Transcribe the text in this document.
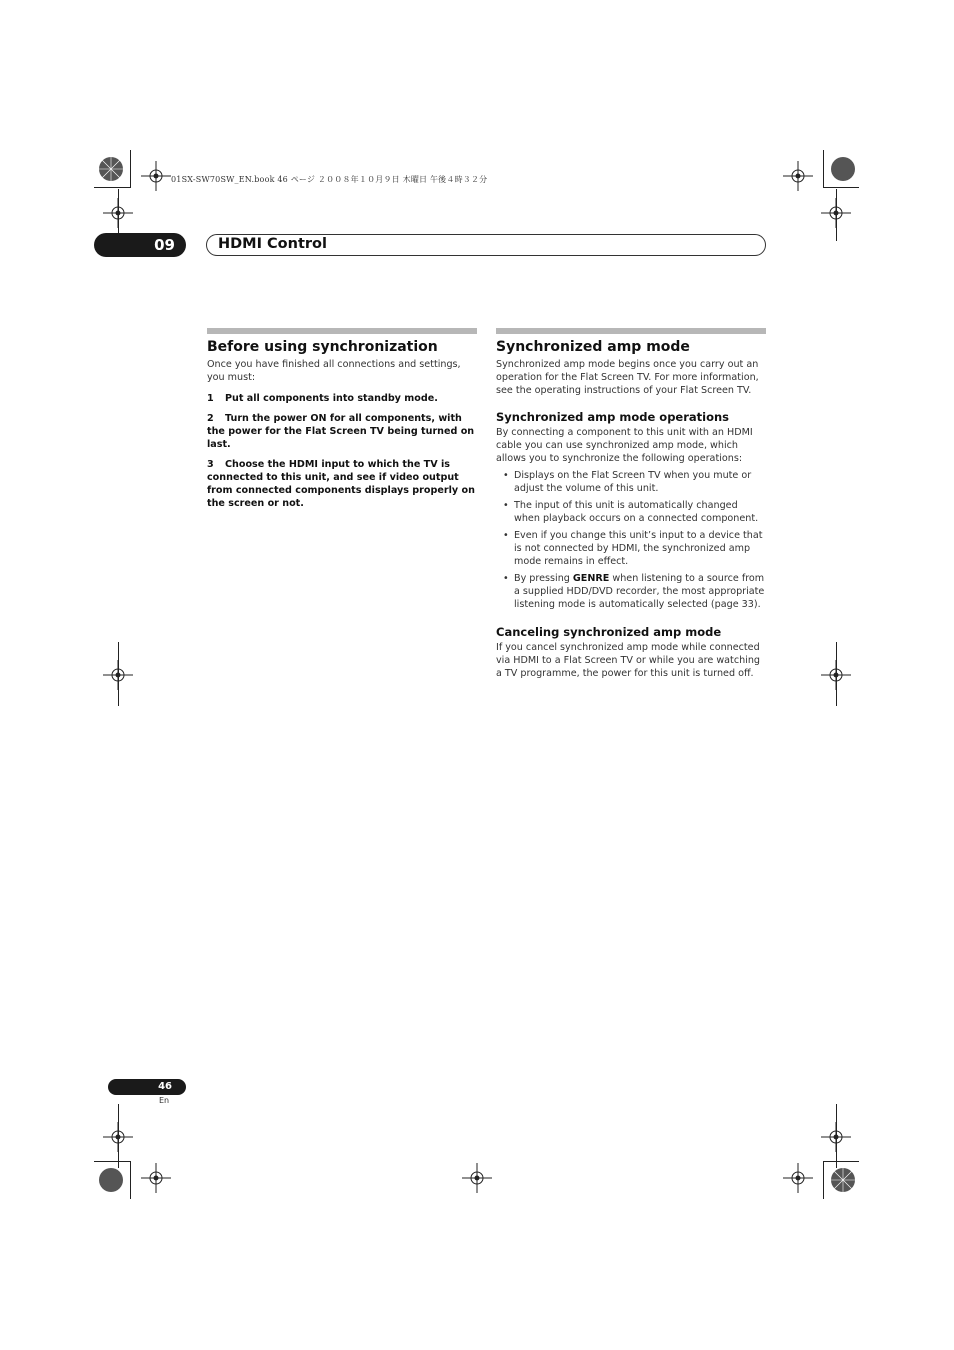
01SX-SW70SW_EN.book 46 ページ ２００８年１０月９日 木曜日 午後４時３２分
09	HDMI Control
Before using synchronization

Once you have finished all connections and settings, you must:

1 Put all components into standby mode.

2 Turn the power ON for all components, with the power for the Flat Screen TV being turned on last.

3 Choose the HDMI input to which the TV is connected to this unit, and see if video output from connected components displays properly on the screen or not.

Synchronized amp mode

Synchronized amp mode begins once you carry out an operation for the Flat Screen TV. For more information, see the operating instructions of your Flat Screen TV.

Synchronized amp mode operations

By connecting a component to this unit with an HDMI cable you can use synchronized amp mode, which allows you to synchronize the following operations:

• Displays on the Flat Screen TV when you mute or adjust the volume of this unit.
• The input of this unit is automatically changed when playback occurs on a connected component.
• Even if you change this unit’s input to a device that is not connected by HDMI, the synchronized amp mode remains in effect.
• By pressing GENRE when listening to a source from a supplied HDD/DVD recorder, the most appropriate listening mode is automatically selected (page 33).
Canceling synchronized amp mode

If you cancel synchronized amp mode while connected via HDMI to a Flat Screen TV or while you are watching a TV programme, the power for this unit is turned off.

46
En
